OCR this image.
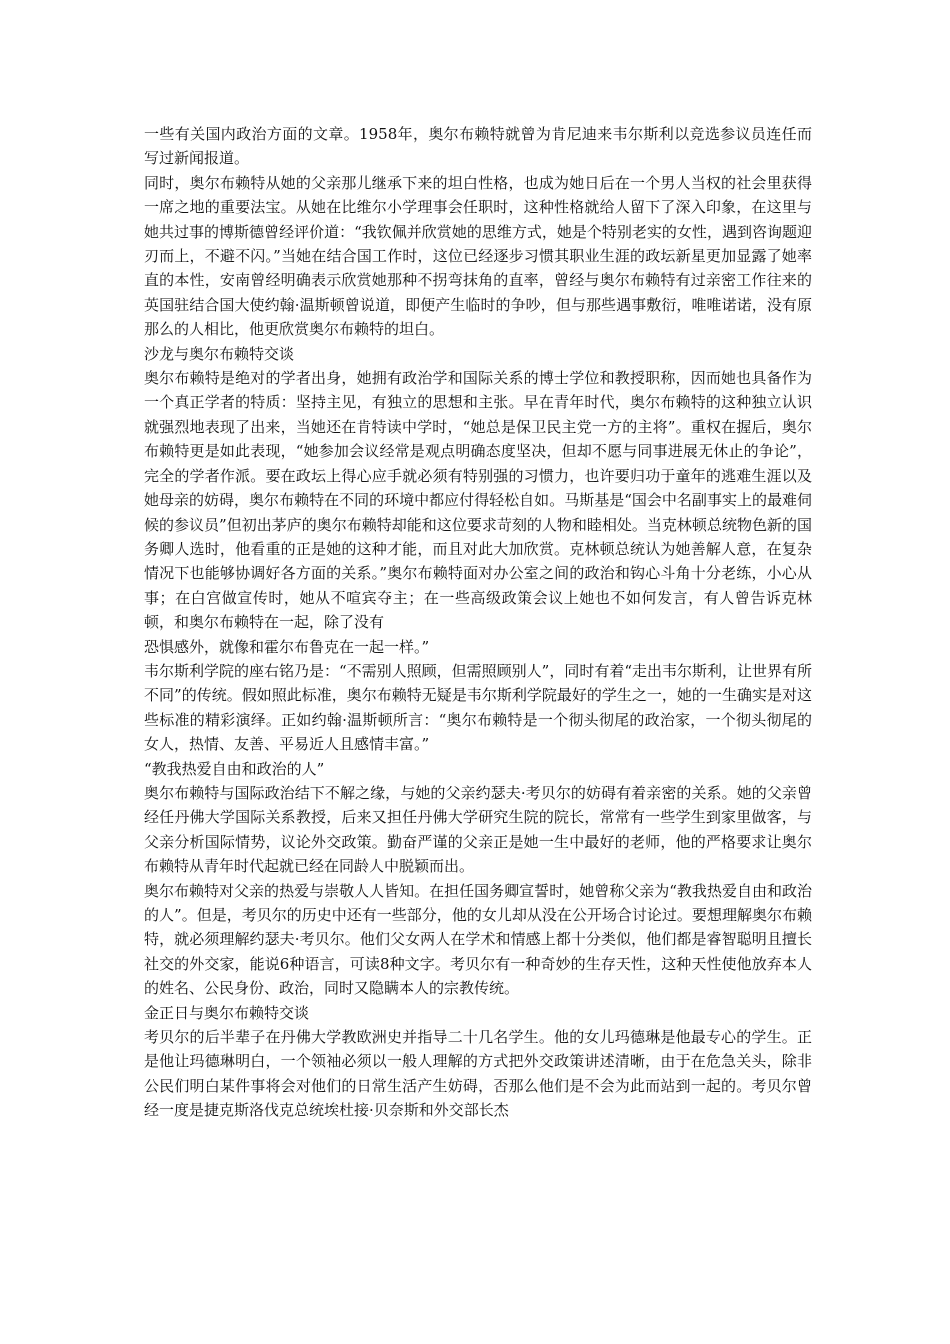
一些有关国内政治方面的文章。1958年，奥尔布赖特就曾为肯尼迪来韦尔斯利以竞选参议员连任而写过新闻报道。

同时，奥尔布赖特从她的父亲那儿继承下来的坦白性格，也成为她日后在一个男人当权的社会里获得一席之地的重要法宝。从她在比维尔小学理事会任职时，这种性格就给人留下了深入印象，在这里与她共过事的博斯德曾经评价道：“我钦佩并欣赏她的思维方式，她是个特别老实的女性，遇到咨询题迎刃而上，不避不闪。”当她在结合国工作时，这位已经逐步习惯其职业生涯的政坛新星更加显露了她率直的本性，安南曾经明确表示欣赏她那种不拐弯抹角的直率，曾经与奥尔布赖特有过亲密工作往来的英国驻结合国大使约翰·温斯顿曾说道，即便产生临时的争吵，但与那些遇事敷衍，唯唯诺诺，没有原那么的人相比，他更欣赏奥尔布赖特的坦白。

沙龙与奥尔布赖特交谈

奥尔布赖特是绝对的学者出身，她拥有政治学和国际关系的博士学位和教授职称，因而她也具备作为一个真正学者的特质：坚持主见，有独立的思想和主张。早在青年时代，奥尔布赖特的这种独立认识就强烈地表现了出来，当她还在肯特读中学时，“她总是保卫民主党一方的主将”。重权在握后，奥尔布赖特更是如此表现，“她参加会议经常是观点明确态度坚决，但却不愿与同事进展无休止的争论”，完全的学者作派。要在政坛上得心应手就必须有特别强的习惯力，也许要归功于童年的逃难生涯以及她母亲的妨碍，奥尔布赖特在不同的环境中都应付得轻松自如。马斯基是“国会中名副事实上的最难伺候的参议员”但初出茅庐的奥尔布赖特却能和这位要求苛刻的人物和睦相处。当克林顿总统物色新的国务卿人选时，他看重的正是她的这种才能，而且对此大加欣赏。克林顿总统认为她善解人意，在复杂情况下也能够协调好各方面的关系。”奥尔布赖特面对办公室之间的政治和钩心斗角十分老练，小心从事；在白宫做宣传时，她从不喧宾夺主；在一些高级政策会议上她也不如何发言，有人曾告诉克林顿，和奥尔布赖特在一起，除了没有

恐惧感外，就像和霍尔布鲁克在一起一样。”

韦尔斯利学院的座右铭乃是：“不需别人照顾，但需照顾别人”，同时有着“走出韦尔斯利，让世界有所不同”的传统。假如照此标准，奥尔布赖特无疑是韦尔斯利学院最好的学生之一，她的一生确实是对这些标准的精彩演绎。正如约翰·温斯顿所言：“奥尔布赖特是一个彻头彻尾的政治家，一个彻头彻尾的女人，热情、友善、平易近人且感情丰富。”

“教我热爱自由和政治的人”

奥尔布赖特与国际政治结下不解之缘，与她的父亲约瑟夫·考贝尔的妨碍有着亲密的关系。她的父亲曾经任丹佛大学国际关系教授，后来又担任丹佛大学研究生院的院长，常常有一些学生到家里做客，与父亲分析国际情势，议论外交政策。勤奋严谨的父亲正是她一生中最好的老师，他的严格要求让奥尔布赖特从青年时代起就已经在同龄人中脱颖而出。

奥尔布赖特对父亲的热爱与崇敬人人皆知。在担任国务卿宣誓时，她曾称父亲为“教我热爱自由和政治的人”。但是，考贝尔的历史中还有一些部分，他的女儿却从没在公开场合讨论过。要想理解奥尔布赖特，就必须理解约瑟夫·考贝尔。他们父女两人在学术和情感上都十分类似，他们都是睿智聪明且擅长社交的外交家，能说6种语言，可读8种文字。考贝尔有一种奇妙的生存天性，这种天性使他放弃本人的姓名、公民身份、政治，同时又隐瞒本人的宗教传统。

金正日与奥尔布赖特交谈

考贝尔的后半辈子在丹佛大学教欧洲史并指导二十几名学生。他的女儿玛德琳是他最专心的学生。正是他让玛德琳明白，一个领袖必须以一般人理解的方式把外交政策讲述清晰，由于在危急关头，除非公民们明白某件事将会对他们的日常生活产生妨碍，否那么他们是不会为此而站到一起的。考贝尔曾经一度是捷克斯洛伐克总统埃杜接·贝奈斯和外交部长杰
